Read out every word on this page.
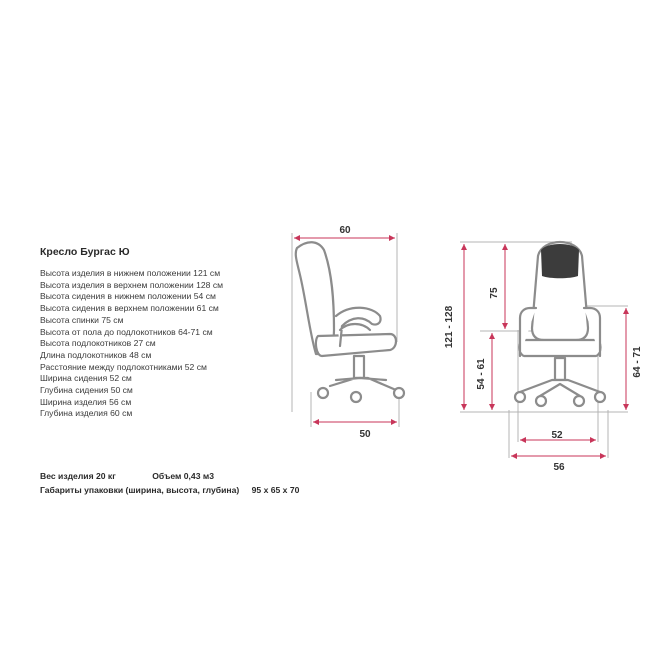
Кресло Бургас Ю
Высота изделия в нижнем положении 121 см
Высота изделия в верхнем положении 128 см
Высота сидения в нижнем положении 54 см
Высота сидения в верхнем положении 61 см
Высота спинки 75 см
Высота от пола до подлокотников 64-71 см
Высота подлокотников 27 см
Длина подлокотников 48 см
Расстояние между подлокотниками 52 см
Ширина сидения 52 см
Глубина сидения 50 см
Ширина изделия 56 см
Глубина изделия 60 см
Вес изделия 20 кг	Объем 0,43 м3
Габариты упаковки (ширина, высота, глубина) 95 х 65 х 70
60
50
121 - 128
75
54 - 61	64 - 71
52
56
